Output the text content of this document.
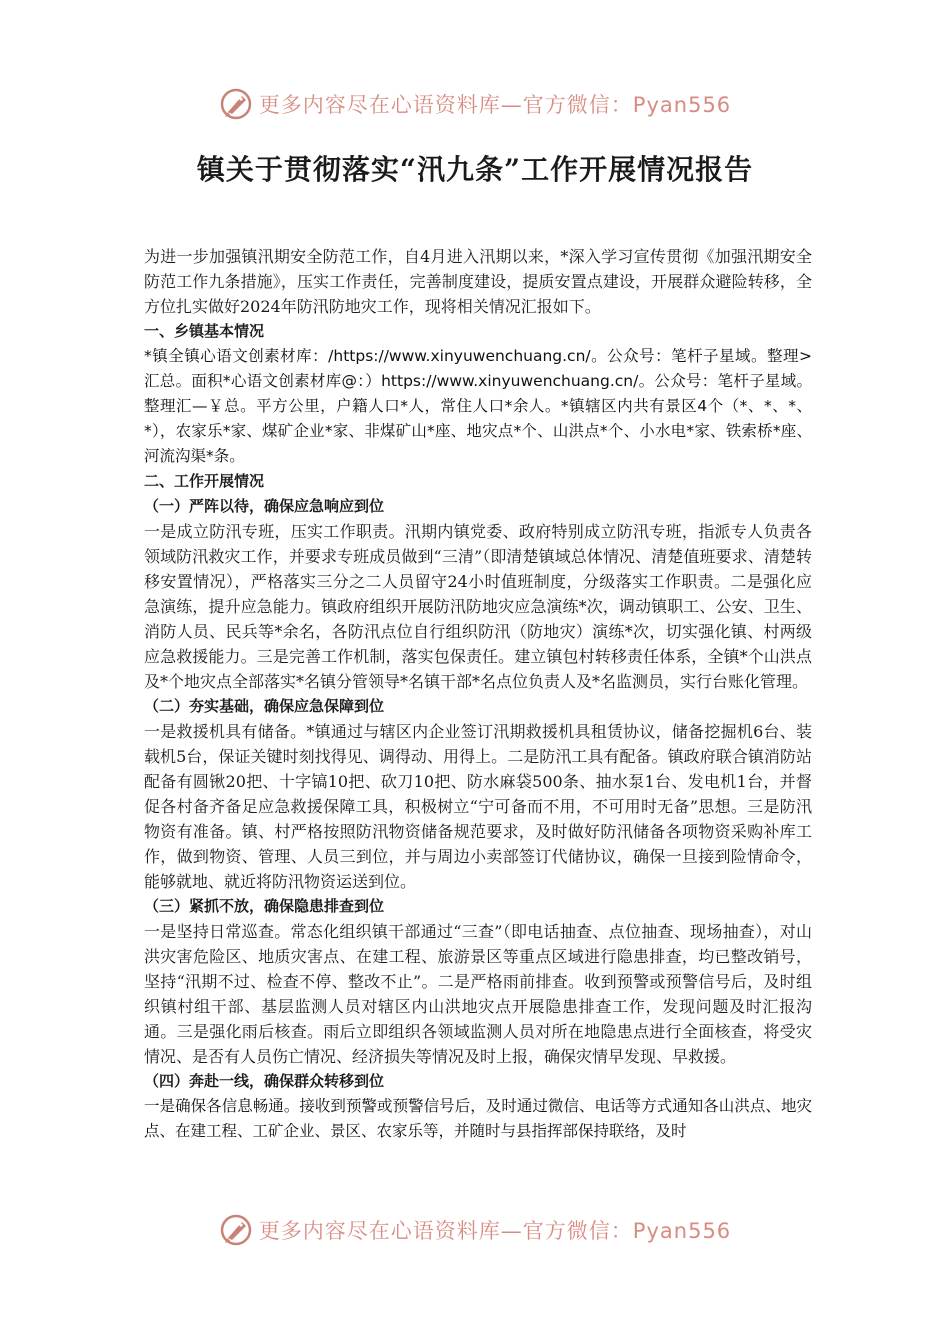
更多内容尽在心语资料库—官方微信：Pyan556
镇关于贯彻落实“汛九条”工作开展情况报告

为进一步加强镇汛期安全防范工作，自4月进入汛期以来，*深入学习宣传贯彻《加强汛期安全防范工作九条措施》，压实工作责任，完善制度建设，提质安置点建设，开展群众避险转移，全方位扎实做好2024年防汛防地灾工作，现将相关情况汇报如下。

一、乡镇基本情况

*镇全镇心语文创素材库：/https://www.xinyuwenchuang.cn/。公众号：笔杆子星域。整理>汇总。面积*心语文创素材库@：）https://www.xinyuwenchuang.cn/。公众号：笔杆子星域。整理汇—￥总。平方公里，户籍人口*人，常住人口*余人。*镇辖区内共有景区4个（*、*、*、*），农家乐*家、煤矿企业*家、非煤矿山*座、地灾点*个、山洪点*个、小水电*家、铁索桥*座、河流沟渠*条。

二、工作开展情况

（一）严阵以待，确保应急响应到位

一是成立防汛专班，压实工作职责。汛期内镇党委、政府特别成立防汛专班，指派专人负责各领域防汛救灾工作，并要求专班成员做到“三清”（即清楚镇域总体情况、清楚值班要求、清楚转移安置情况），严格落实三分之二人员留守24小时值班制度，分级落实工作职责。二是强化应急演练，提升应急能力。镇政府组织开展防汛防地灾应急演练*次，调动镇职工、公安、卫生、消防人员、民兵等*余名，各防汛点位自行组织防汛（防地灾）演练*次，切实强化镇、村两级应急救援能力。三是完善工作机制，落实包保责任。建立镇包村转移责任体系，全镇*个山洪点及*个地灾点全部落实*名镇分管领导*名镇干部*名点位负责人及*名监测员，实行台账化管理。

（二）夯实基础，确保应急保障到位

一是救援机具有储备。*镇通过与辖区内企业签订汛期救援机具租赁协议，储备挖掘机6台、装载机5台，保证关键时刻找得见、调得动、用得上。二是防汛工具有配备。镇政府联合镇消防站配备有圆锹20把、十字镐10把、砍刀10把、防水麻袋500条、抽水泵1台、发电机1台，并督促各村备齐备足应急救援保障工具，积极树立“宁可备而不用，不可用时无备”思想。三是防汛物资有准备。镇、村严格按照防汛物资储备规范要求，及时做好防汛储备各项物资采购补库工作，做到物资、管理、人员三到位，并与周边小卖部签订代储协议，确保一旦接到险情命令，能够就地、就近将防汛物资运送到位。

（三）紧抓不放，确保隐患排查到位

一是坚持日常巡查。常态化组织镇干部通过“三查”（即电话抽查、点位抽查、现场抽查），对山洪灾害危险区、地质灾害点、在建工程、旅游景区等重点区域进行隐患排查，均已整改销号，坚持“汛期不过、检查不停、整改不止”。二是严格雨前排查。收到预警或预警信号后，及时组织镇村组干部、基层监测人员对辖区内山洪地灾点开展隐患排查工作，发现问题及时汇报沟通。三是强化雨后核查。雨后立即组织各领域监测人员对所在地隐患点进行全面核查，将受灾情况、是否有人员伤亡情况、经济损失等情况及时上报，确保灾情早发现、早救援。

（四）奔赴一线，确保群众转移到位

一是确保各信息畅通。接收到预警或预警信号后，及时通过微信、电话等方式通知各山洪点、地灾点、在建工程、工矿企业、景区、农家乐等，并随时与县指挥部保持联络，及时

更多内容尽在心语资料库—官方微信：Pyan556
